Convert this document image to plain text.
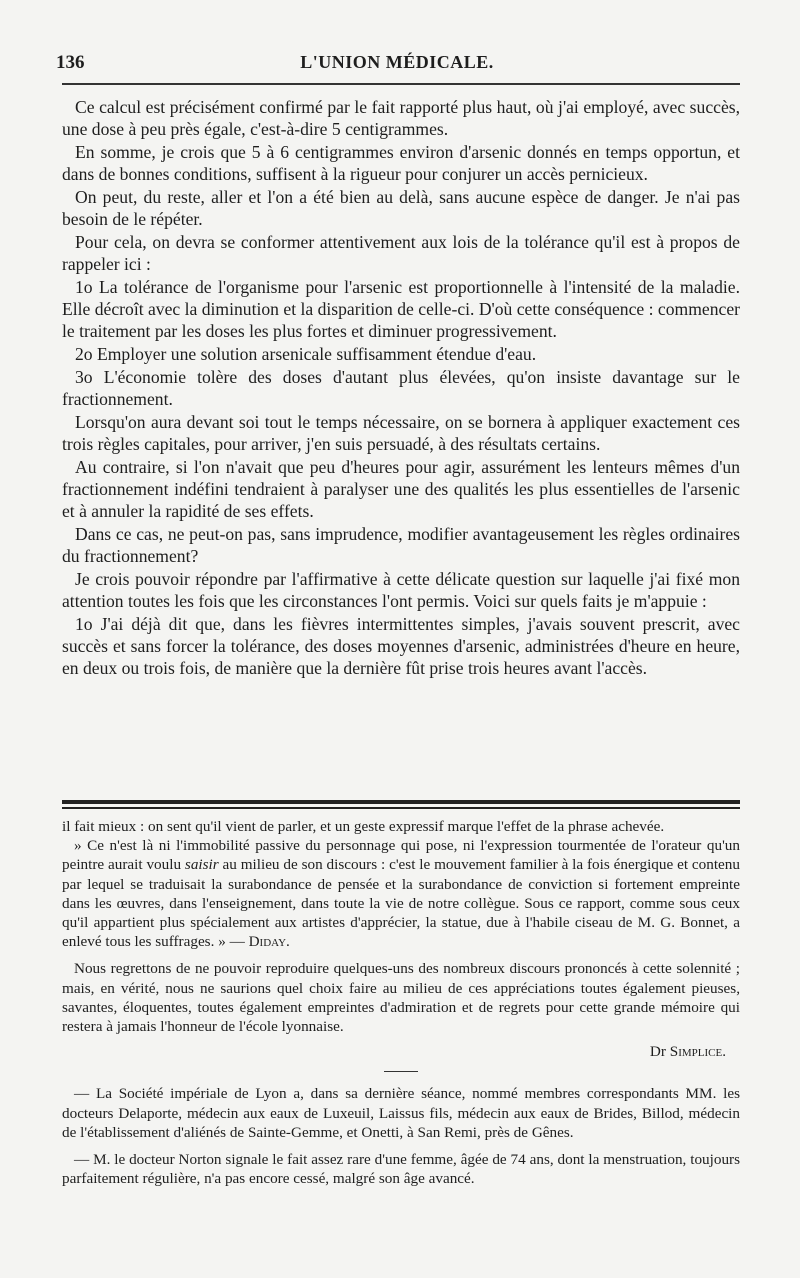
136	L'UNION MÉDICALE.

Ce calcul est précisément confirmé par le fait rapporté plus haut, où j'ai employé, avec succès, une dose à peu près égale, c'est-à-dire 5 centigrammes.

En somme, je crois que 5 à 6 centigrammes environ d'arsenic donnés en temps opportun, et dans de bonnes conditions, suffisent à la rigueur pour conjurer un accès pernicieux.

On peut, du reste, aller et l'on a été bien au delà, sans aucune espèce de danger. Je n'ai pas besoin de le répéter.

Pour cela, on devra se conformer attentivement aux lois de la tolérance qu'il est à propos de rappeler ici :

1o La tolérance de l'organisme pour l'arsenic est proportionnelle à l'intensité de la maladie. Elle décroît avec la diminution et la disparition de celle-ci. D'où cette conséquence : commencer le traitement par les doses les plus fortes et diminuer progressivement.

2o Employer une solution arsenicale suffisamment étendue d'eau.

3o L'économie tolère des doses d'autant plus élevées, qu'on insiste davantage sur le fractionnement.

Lorsqu'on aura devant soi tout le temps nécessaire, on se bornera à appliquer exactement ces trois règles capitales, pour arriver, j'en suis persuadé, à des résultats certains.

Au contraire, si l'on n'avait que peu d'heures pour agir, assurément les lenteurs mêmes d'un fractionnement indéfini tendraient à paralyser une des qualités les plus essentielles de l'arsenic et à annuler la rapidité de ses effets.

Dans ce cas, ne peut-on pas, sans imprudence, modifier avantageusement les règles ordinaires du fractionnement?

Je crois pouvoir répondre par l'affirmative à cette délicate question sur laquelle j'ai fixé mon attention toutes les fois que les circonstances l'ont permis. Voici sur quels faits je m'appuie :

1o J'ai déjà dit que, dans les fièvres intermittentes simples, j'avais souvent prescrit, avec succès et sans forcer la tolérance, des doses moyennes d'arsenic, administrées d'heure en heure, en deux ou trois fois, de manière que la dernière fût prise trois heures avant l'accès.

il fait mieux : on sent qu'il vient de parler, et un geste expressif marque l'effet de la phrase achevée.

» Ce n'est là ni l'immobilité passive du personnage qui pose, ni l'expression tourmentée de l'orateur qu'un peintre aurait voulu saisir au milieu de son discours : c'est le mouvement familier à la fois énergique et contenu par lequel se traduisait la surabondance de pensée et la surabondance de conviction si fortement empreinte dans les œuvres, dans l'enseignement, dans toute la vie de notre collègue. Sous ce rapport, comme sous ceux qu'il appartient plus spécialement aux artistes d'apprécier, la statue, due à l'habile ciseau de M. G. Bonnet, a enlevé tous les suffrages. » — Diday.

Nous regrettons de ne pouvoir reproduire quelques-uns des nombreux discours prononcés à cette solennité ; mais, en vérité, nous ne saurions quel choix faire au milieu de ces appréciations toutes également pieuses, savantes, éloquentes, toutes également empreintes d'admiration et de regrets pour cette grande mémoire qui restera à jamais l'honneur de l'école lyonnaise.

Dr Simplice.

— La Société impériale de Lyon a, dans sa dernière séance, nommé membres correspondants MM. les docteurs Delaporte, médecin aux eaux de Luxeuil, Laissus fils, médecin aux eaux de Brides, Billod, médecin de l'établissement d'aliénés de Sainte-Gemme, et Onetti, à San Remi, près de Gênes.

— M. le docteur Norton signale le fait assez rare d'une femme, âgée de 74 ans, dont la menstruation, toujours parfaitement régulière, n'a pas encore cessé, malgré son âge avancé.
